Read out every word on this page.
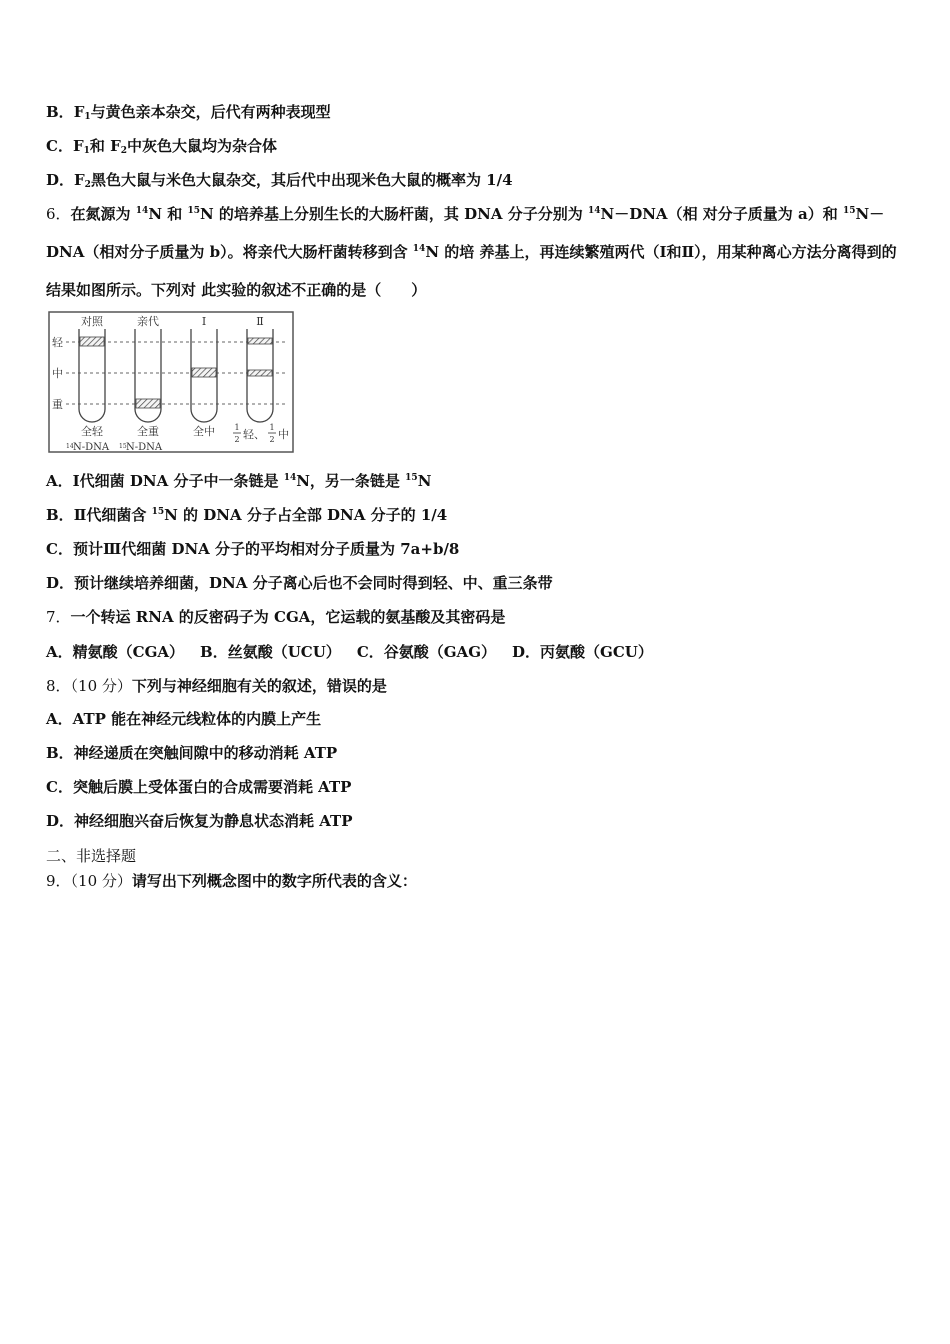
B．$F_1$与黄色亲本杂交，后代有两种表现型
C．$F_1$和 $F_2$中灰色大鼠均为杂合体
D．$F_2$黑色大鼠与米色大鼠杂交，其后代中出现米色大鼠的概率为 1/4
6．在氮源为 $^{14}$N 和 $^{15}$N 的培养基上分别生长的大肠杆菌，其 DNA 分子分别为 $^{14}$N－DNA（相 对分子质量为 a）和 $^{15}$N－DNA（相对分子质量为 b）。将亲代大肠杆菌转移到含 $^{14}$N 的培 养基上，再连续繁殖两代（Ⅰ和Ⅱ），用某种离心方法分离得到的结果如图所示。下列对 此实验的叙述不正确的是（　　）
对照	亲代	Ⅰ	Ⅱ
轻
中
重
全轻	全重	全中 1
2 轻、
1
2 中
14 N-DNA 15 N-DNA
A．Ⅰ代细菌 DNA 分子中一条链是 $^{14}$N，另一条链是 $^{15}$N
B．Ⅱ代细菌含 $^{15}$N 的 DNA 分子占全部 DNA 分子的 1/4
C．预计Ⅲ代细菌 DNA 分子的平均相对分子质量为 7a+b/8
D．预计继续培养细菌，DNA 分子离心后也不会同时得到轻、中、重三条带
7．一个转运 RNA 的反密码子为 CGA，它运载的氨基酸及其密码是
A．精氨酸（CGA） B．丝氨酸（UCU） C．谷氨酸（GAG） D．丙氨酸（GCU）
8．（10 分）下列与神经细胞有关的叙述，错误的是
A．ATP 能在神经元线粒体的内膜上产生
B．神经递质在突触间隙中的移动消耗 ATP
C．突触后膜上受体蛋白的合成需要消耗 ATP
D．神经细胞兴奋后恢复为静息状态消耗 ATP
二、非选择题
9．（10 分）请写出下列概念图中的数字所代表的含义：
